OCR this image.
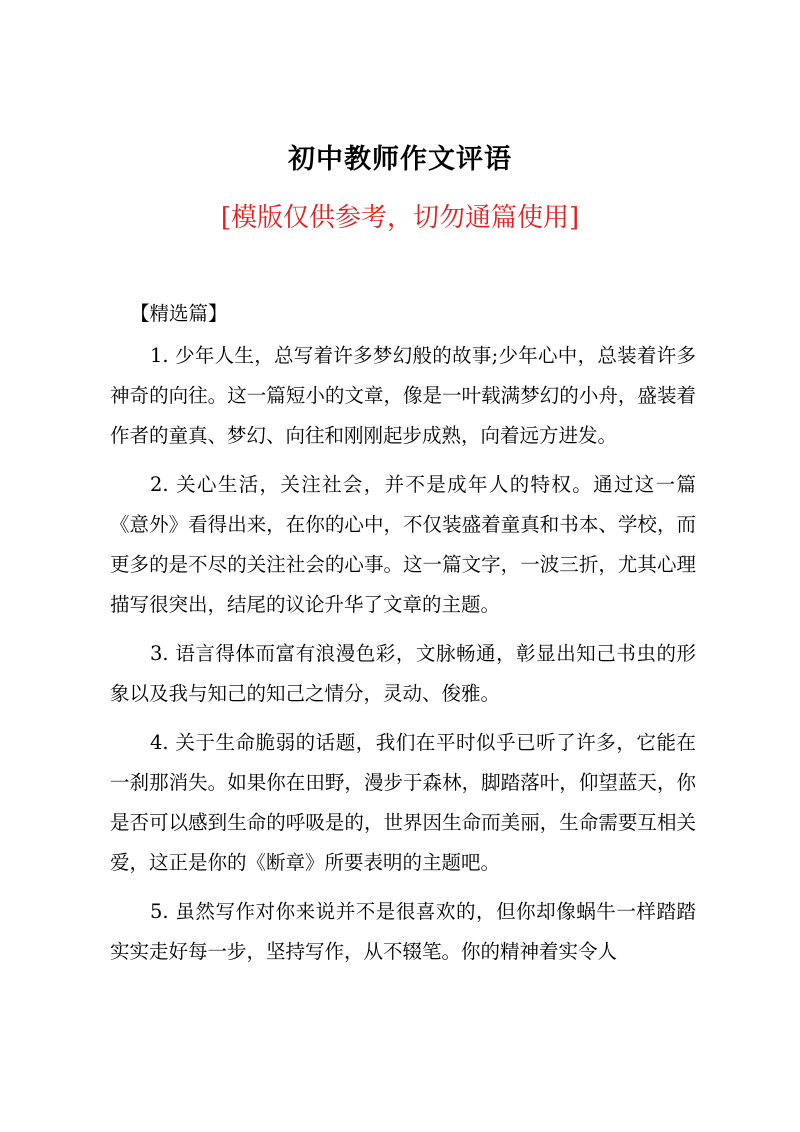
初中教师作文评语

[模版仅供参考，切勿通篇使用]

【精选篇】

1. 少年人生，总写着许多梦幻般的故事;少年心中，总装着许多神奇的向往。这一篇短小的文章，像是一叶载满梦幻的小舟，盛装着作者的童真、梦幻、向往和刚刚起步成熟，向着远方进发。

2. 关心生活，关注社会，并不是成年人的特权。通过这一篇《意外》看得出来，在你的心中，不仅装盛着童真和书本、学校，而更多的是不尽的关注社会的心事。这一篇文字，一波三折，尤其心理描写很突出，结尾的议论升华了文章的主题。

3. 语言得体而富有浪漫色彩，文脉畅通，彰显出知己书虫的形象以及我与知己的知己之情分，灵动、俊雅。

4. 关于生命脆弱的话题，我们在平时似乎已听了许多，它能在一刹那消失。如果你在田野，漫步于森林，脚踏落叶，仰望蓝天，你是否可以感到生命的呼吸是的，世界因生命而美丽，生命需要互相关爱，这正是你的《断章》所要表明的主题吧。

5. 虽然写作对你来说并不是很喜欢的，但你却像蜗牛一样踏踏实实走好每一步，坚持写作，从不辍笔。你的精神着实令人
